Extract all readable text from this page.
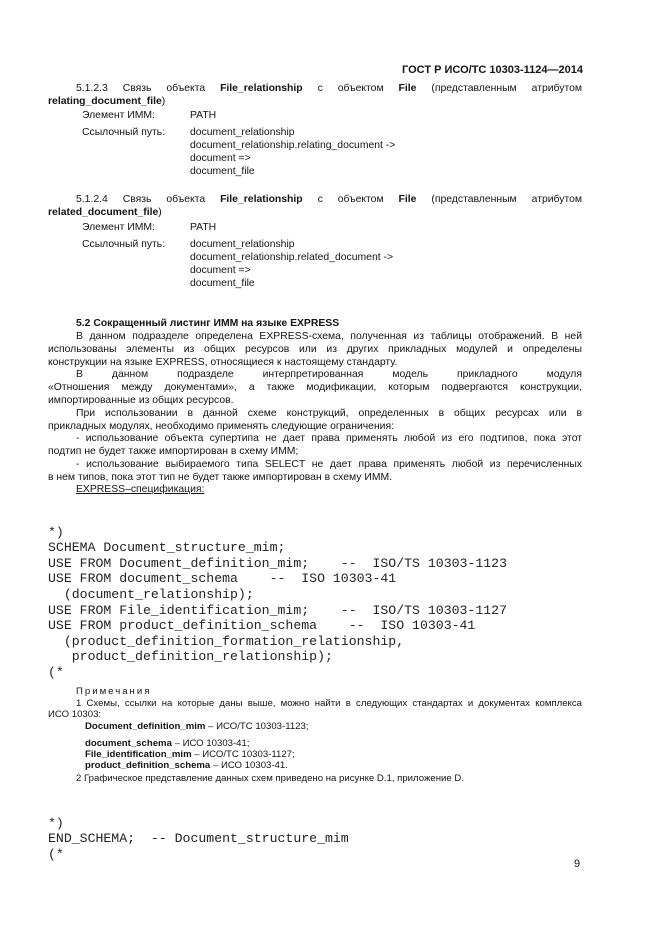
ГОСТ Р ИСО/ТС 10303-1124—2014
5.1.2.3 Связь объекта File_relationship с объектом File (представленным атрибутом
relating_document_file)
Элемент ИММ:	PATH
Ссылочный путь: document_relationship
document_relationship.relating_document ->
document =>
document_file
5.1.2.4 Связь объекта File_relationship с объектом File (представленным атрибутом
related_document_file)
Элемент ИММ:	PATH
Ссылочный путь: document_relationship
document_relationship.related_document ->
document =>
document_file
5.2 Сокращенный листинг ИММ на языке EXPRESS
В данном подразделе определена EXPRESS-схема, полученная из таблицы отображений. В ней
использованы элементы из общих ресурсов или из других прикладных модулей и определены
конструкции на языке EXPRESS, относящиеся к настоящему стандарту.
В данном подразделе интерпретированная модель прикладного модуля
«Отношения между документами», а также модификации, которым подвергаются конструкции,
импортированные из общих ресурсов.
При использовании в данной схеме конструкций, определенных в общих ресурсах или в
прикладных модулях, необходимо применять следующие ограничения:
- использование объекта супертипа не дает права применять любой из его подтипов, пока этот
подтип не будет также импортирован в схему ИММ;
- использование выбираемого типа SELECT не дает права применять любой из перечисленных
в нем типов, пока этот тип не будет также импортирован в схему ИММ.
EXPRESS–спецификация:

*)
SCHEMA Document_structure_mim;
USE FROM Document_definition_mim;    --  ISO/TS 10303-1123
USE FROM document_schema    --  ISO 10303-41
(document_relationship);
USE FROM File_identification_mim;    --  ISO/TS 10303-1127
USE FROM product_definition_schema    --  ISO 10303-41
(product_definition_formation_relationship,
product_definition_relationship);
(*

Примечания
1 Схемы, ссылки на которые даны выше, можно найти в следующих стандартах и документах комплекса
ИСО 10303:
Document_definition_mim – ИСО/ТС 10303-1123;
document_schema – ИСО 10303-41;
File_identification_mim – ИСО/ТС 10303-1127;
product_definition_schema – ИСО 10303-41.
2 Графическое представление данных схем приведено на рисунке D.1, приложение D.

*)
END_SCHEMA;  -- Document_structure_mim
(*

9
